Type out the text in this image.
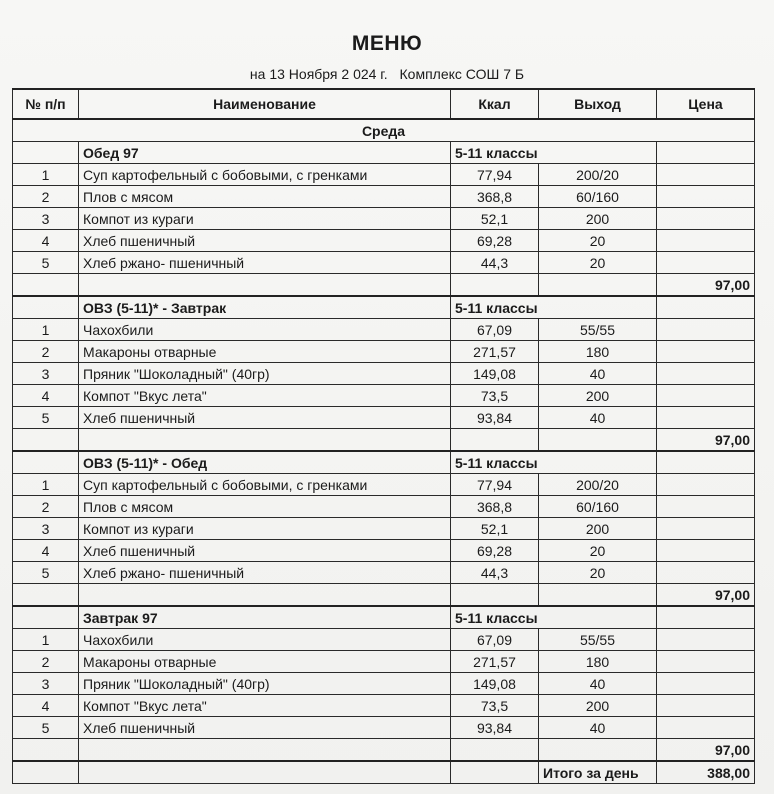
МЕНЮ
на 13 Ноября 2 024 г. Комплекс СОШ 7 Б
№ п/п	Наименование	Ккал	Выход	Цена
Среда				
	Обед 97	5-11 классы		
1	Суп картофельный с бобовыми, с гренками	77,94	200/20	
2	Плов с мясом	368,8	60/160	
3	Компот из кураги	52,1	200	
4	Хлеб пшеничный	69,28	20	
5	Хлеб ржано- пшеничный	44,3	20	
				97,00
	ОВЗ (5-11)* - Завтрак	5-11 классы		
1	Чахохбили	67,09	55/55	
2	Макароны отварные	271,57	180	
3	Пряник "Шоколадный" (40гр)	149,08	40	
4	Компот "Вкус лета"	73,5	200	
5	Хлеб пшеничный	93,84	40	
				97,00
	ОВЗ (5-11)* - Обед	5-11 классы		
1	Суп картофельный с бобовыми, с гренками	77,94	200/20	
2	Плов с мясом	368,8	60/160	
3	Компот из кураги	52,1	200	
4	Хлеб пшеничный	69,28	20	
5	Хлеб ржано- пшеничный	44,3	20	
				97,00
	Завтрак 97	5-11 классы		
1	Чахохбили	67,09	55/55	
2	Макароны отварные	271,57	180	
3	Пряник "Шоколадный" (40гр)	149,08	40	
4	Компот "Вкус лета"	73,5	200	
5	Хлеб пшеничный	93,84	40	
				97,00
			Итого за день	388,00
